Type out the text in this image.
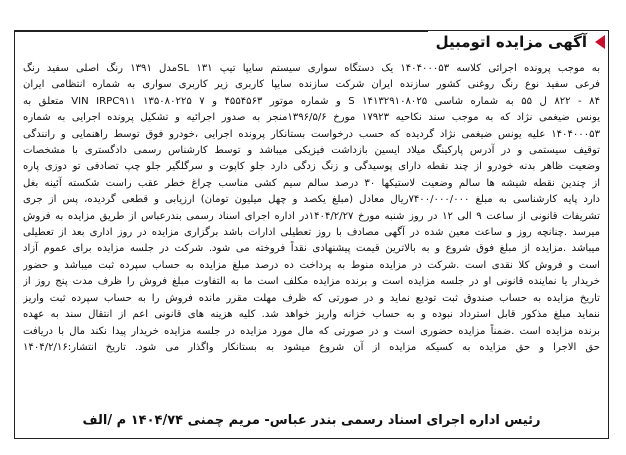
آگهی مزایده اتومبیل
به موجب پرونده اجرائی کلاسه ۱۴۰۴۰۰۰۵۳ یک دستگاه سواری سیستم سایپا تیپ ۱۳۱ SLمدل ۱۳۹۱ رنگ اصلی سفید رنگ
فرعی سفید نوع رنگ روغنی کشور سازنده ایران شرکت سازنده سایپا کاربری زیر کاربری سواری به شماره انتظامی ایران
۸۴ - ۸۲۲ ل ۵۵ به شماره شاسی ۱۴۱۳۲۹۱۰۸۰۲۵ S و شماره موتور ۴۵۵۴۵۶۳ و ۷ ۱۳۵۰۸۰۲۲۵ VIN IRPC۹۱۱ متعلق به
یونس ضیغمی نژاد که به موجب سند نکاحیه ۱۷۹۲۳ مورخ ۱۳۹۶/۵/۶منجر به صدور اجرائیه و تشکیل پرونده اجرایی به شماره
۱۴۰۴۰۰۰۵۳ علیه یونس ضیغمی نژاد گردیده که حسب درخواست بستانکار پرونده اجرایی ،خودرو فوق توسط راهنمایی و رانندگی
توقیف سیستمی و در آدرس پارکینگ میلاد ایسین بازداشت فیزیکی میباشد و توسط کارشناس رسمی دادگستری با مشخصات
وضعیت ظاهر بدنه خودرو از چند نقطه دارای پوسیدگی و زنگ زدگی دارد جلو کاپوت و سرگلگیر جلو چپ تصادفی تو دوزی پاره
از چندین نقطه شیشه ها سالم وضعیت لاستیکها ۳۰ درصد سالم سیم کشی مناسب چراغ خطر عقب راست شکسته آئینه بغل
دارد پایه کارشناسی به مبلغ ۷۴۰۰/۰۰۰/۰۰۰ریال معادل (مبلغ یکصد و چهل میلیون تومان) ارزیابی و قطعی گردیده، پس از جری
تشریفات قانونی از ساعت ۹ الی ۱۲ در روز شنبه مورخ ۱۴۰۴/۲/۲۷در اداره اجرای اسناد رسمی بندرعباس از طریق مزایده به فروش
میرسد .چنانچه روز و ساعت معین شده در آگهی مصادف با روز تعطیلی ادارات باشد برگزاری مزایده در روز اداری بعد از تعطیلی
میباشد .مزایده از مبلغ فوق شروع و به بالاترین قیمت پیشنهادی نقداً فروخته می شود. شرکت در جلسه مزایده برای عموم آزاد
است و فروش کلا نقدی است .شرکت در مزایده منوط به پرداخت ده درصد مبلغ مزایده به حساب سپرده ثبت میباشد و حضور
خریدار یا نماینده قانونی او در جلسه مزایده است و برنده مزایده مکلف است ما به التفاوت مبلغ فروش را ظرف مدت پنج روز از
تاریخ مزایده به حساب صندوق ثبت تودیع نماید و در صورتی که ظرف مهلت مقرر مانده فروش را به حساب سپرده ثبت واریز
ننماید مبلغ مذکور قابل استرداد نبوده و به حساب خزانه واریز خواهد شد. کلیه هزینه های قانونی اعم از انتقال سند به عهده
برنده مزایده است .ضمناً مزایده حضوری است و در صورتی که مال مورد مزایده در جلسه مزایده خریدار پیدا نکند مال با دریافت
حق الاجرا و حق مزایده به کسیکه مزایده از آن شروع میشود به بستانکار واگذار می شود. تاریخ انتشار:۱۴۰۴/۲/۱۶
رئیس اداره اجرای اسناد رسمی بندر عباس- مریم چمنی ۱۴۰۴/۷۴ م /الف
